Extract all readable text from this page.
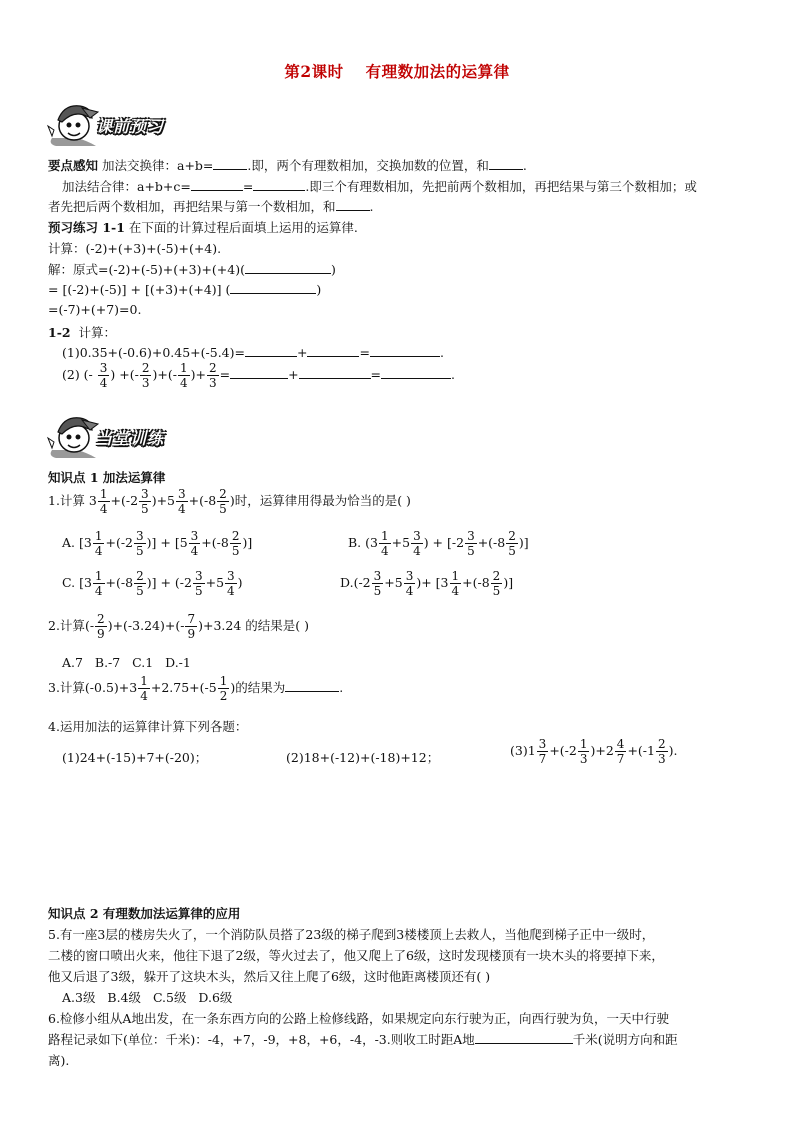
第2课时 有理数加法的运算律
课前预习
要点感知 加法交换律：a+b=	.即，两个有理数相加，交换加数的位置，和	.
加法结合律：a+b+c=	=	.即三个有理数相加，先把前两个数相加，再把结果与第三个数相加；或
者先把后两个数相加，再把结果与第一个数相加，和	.
预习练习 1-1 在下面的计算过程后面填上运用的运算律.
计算：(-2)+(+3)+(-5)+(+4).
解：原式=(-2)+(-5)+(+3)+(+4)(	)
= [(-2)+(-5)] + [(+3)+(+4)] (	)
=(-7)+(+7)=0.
1-2 计算：
(1)0.35+(-0.6)+0.45+(-5.4)=	+	=	.
(2) (- $\frac{3}{4}$ ) +(- $\frac{2}{3}$ )+(- $\frac{1}{4}$ )+ $\frac{2}{3}$ =	+	=	.
当堂训练
知识点 1 加法运算律
1.计算 $3 \frac{1}{4} +(-2 \frac{3}{5} )+5 \frac{3}{4} +(-8 \frac{2}{5}$ )时，运算律用得最为恰当的是( )
A. [$3 \frac{1}{4} +(-2 \frac{3}{5}$ )] + [$5 \frac{3}{4} +(-8 \frac{2}{5}$ )]	B. ($3 \frac{1}{4} +5 \frac{3}{4}$ ) + [$-2 \frac{3}{5} +(-8 \frac{2}{5}$ )]
C. [$3 \frac{1}{4} +(-8 \frac{2}{5}$ )] + ($-2 \frac{3}{5} +5 \frac{3}{4}$ )	$D.(-2 \frac{3}{5} +5 \frac{3}{4}$ )+ [$3 \frac{1}{4} +(-8 \frac{2}{5}$ )]
2.计算(- $\frac{2}{9} )+(-3.24)+(- \frac{7}{9} )+3.24$ 的结果是( )
A.7 B.-7 C.1 D.-1
3.计算$(-0.5)+3 \frac{1}{4} +2.75+(-5 \frac{1}{2}$ )的结果为	.
4.运用加法的运算律计算下列各题：
(1)24+(-15)+7+(-20)；	(2)18+(-12)+(-18)+12；	$(3)1 \frac{3}{7} +(-2 \frac{1}{3} )+2 \frac{4}{7} +(-1 \frac{2}{3}$ ).
知识点 2 有理数加法运算律的应用
5.有一座3层的楼房失火了，一个消防队员搭了23级的梯子爬到3楼楼顶上去救人，当他爬到梯子正中一级时，
二楼的窗口喷出火来，他往下退了2级，等火过去了，他又爬上了6级，这时发现楼顶有一块木头的将要掉下来，
他又后退了3级，躲开了这块木头，然后又往上爬了6级，这时他距离楼顶还有( )
A.3级 B.4级 C.5级 D.6级
6.检修小组从A地出发，在一条东西方向的公路上检修线路，如果规定向东行驶为正，向西行驶为负，一天中行驶
路程记录如下(单位：千米)：-4，+7，-9，+8，+6，-4，-3.则收工时距A地	千米(说明方向和距
离).
